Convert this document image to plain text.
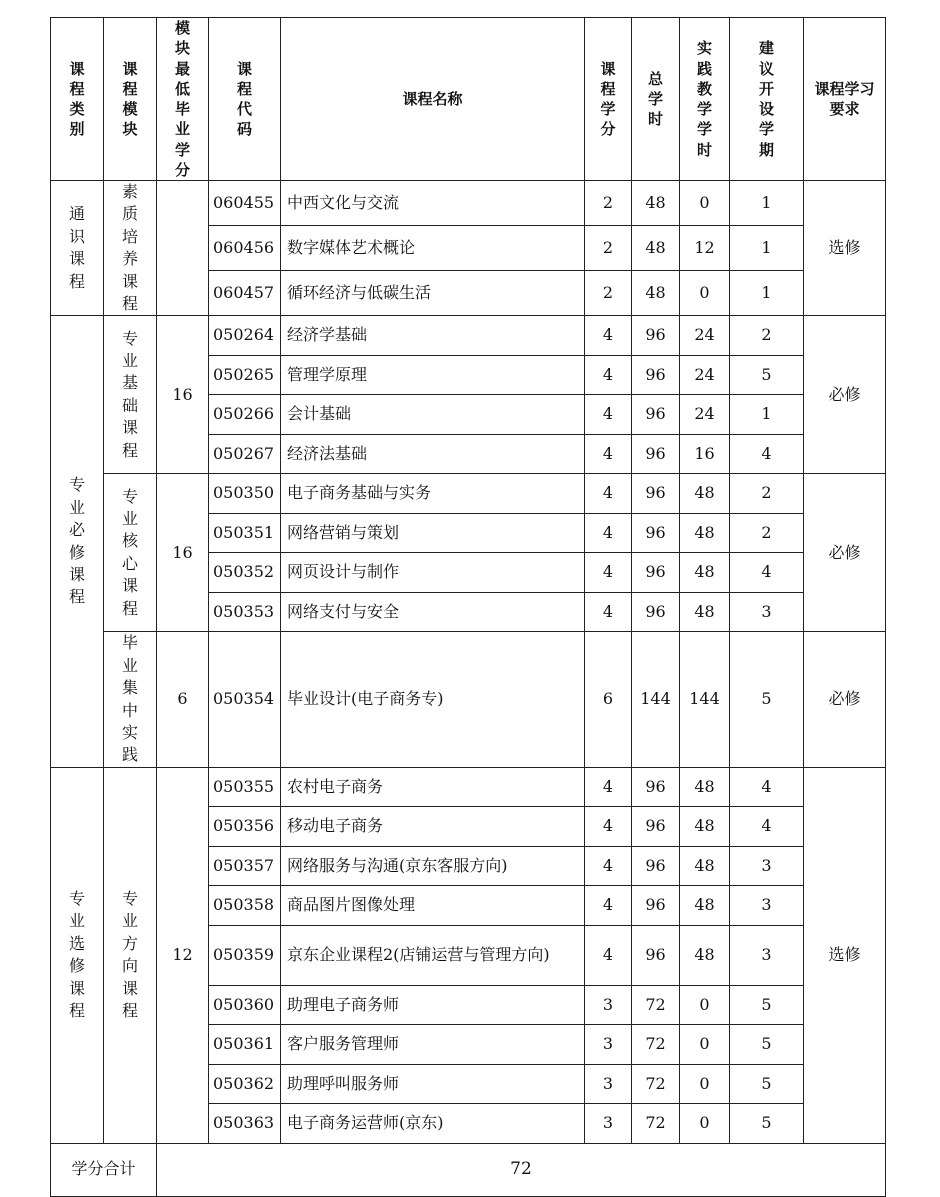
课程类别	课程模块	模块最低毕业学分	课程代码	课程名称	课程学分	总学时	实践教学学时	建议开设学期	课程学习要求
通识课程	素质培养课程		060455	中西文化与交流	2	48	0	1	选修
			060456	数字媒体艺术概论	2	48	12	1	
			060457	循环经济与低碳生活	2	48	0	1	
专业必修课程	专业基础课程	16	050264	经济学基础	4	96	24	2	必修
			050265	管理学原理	4	96	24	5	
			050266	会计基础	4	96	24	1	
			050267	经济法基础	4	96	16	4	
	专业核心课程	16	050350	电子商务基础与实务	4	96	48	2	必修
			050351	网络营销与策划	4	96	48	2	
			050352	网页设计与制作	4	96	48	4	
			050353	网络支付与安全	4	96	48	3	
	毕业集中实践	6	050354	毕业设计(电子商务专)	6	144	144	5	必修
专业选修课程	专业方向课程	12	050355	农村电子商务	4	96	48	4	选修
			050356	移动电子商务	4	96	48	4	
			050357	网络服务与沟通(京东客服方向)	4	96	48	3	
			050358	商品图片图像处理	4	96	48	3	
			050359	京东企业课程2(店铺运营与管理方向)	4	96	48	3	
			050360	助理电子商务师	3	72	0	5	
			050361	客户服务管理师	3	72	0	5	
			050362	助理呼叫服务师	3	72	0	5	
			050363	电子商务运营师(京东)	3	72	0	5	
学分合计		72							
